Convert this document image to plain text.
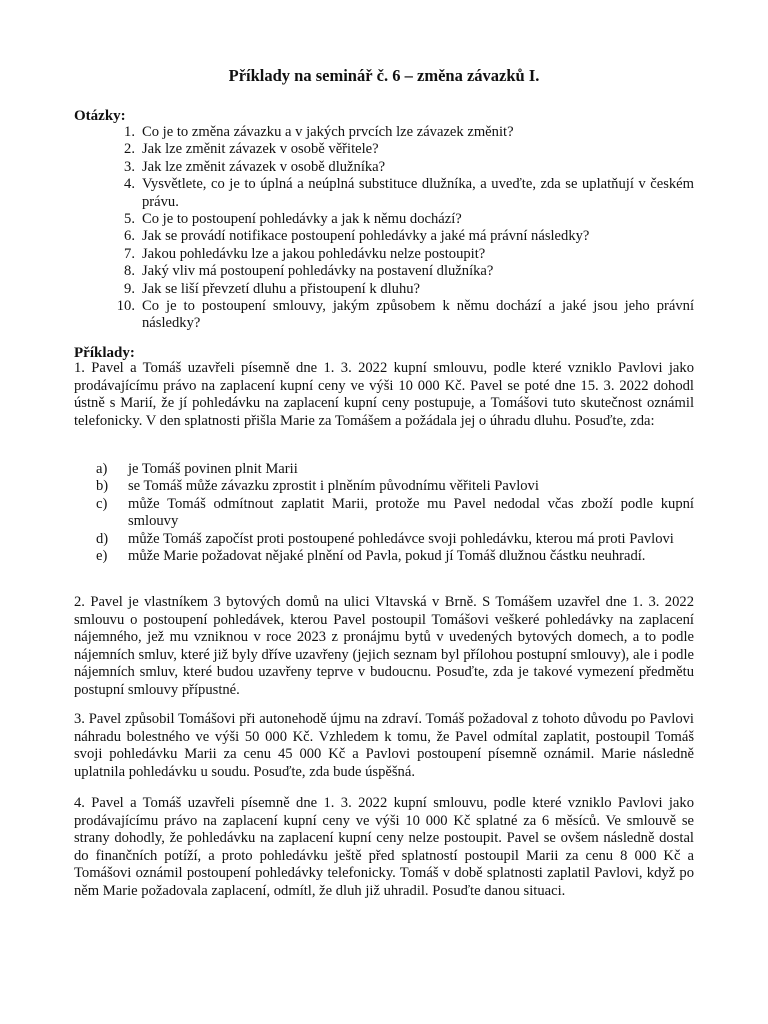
Příklady na seminář č. 6 – změna závazků I.
Otázky:
1. Co je to změna závazku a v jakých prvcích lze závazek změnit?
2. Jak lze změnit závazek v osobě věřitele?
3. Jak lze změnit závazek v osobě dlužníka?
4. Vysvětlete, co je to úplná a neúplná substituce dlužníka, a uveďte, zda se uplatňují v českém právu.
5. Co je to postoupení pohledávky a jak k němu dochází?
6. Jak se provádí notifikace postoupení pohledávky a jaké má právní následky?
7. Jakou pohledávku lze a jakou pohledávku nelze postoupit?
8. Jaký vliv má postoupení pohledávky na postavení dlužníka?
9. Jak se liší převzetí dluhu a přistoupení k dluhu?
10. Co je to postoupení smlouvy, jakým způsobem k němu dochází a jaké jsou jeho právní následky?
Příklady:

1. Pavel a Tomáš uzavřeli písemně dne 1. 3. 2022 kupní smlouvu, podle které vzniklo Pavlovi jako prodávajícímu právo na zaplacení kupní ceny ve výši 10 000 Kč. Pavel se poté dne 15. 3. 2022 dohodl ústně s Marií, že jí pohledávku na zaplacení kupní ceny postupuje, a Tomášovi tuto skutečnost oznámil telefonicky. V den splatnosti přišla Marie za Tomášem a požádala jej o úhradu dluhu. Posuďte, zda:

a)	je Tomáš povinen plnit Marii
b)	se Tomáš může závazku zprostit i plněním původnímu věřiteli Pavlovi
c)	může Tomáš odmítnout zaplatit Marii, protože mu Pavel nedodal včas zboží podle kupní smlouvy
d)	může Tomáš započíst proti postoupené pohledávce svoji pohledávku, kterou má proti Pavlovi
e)	může Marie požadovat nějaké plnění od Pavla, pokud jí Tomáš dlužnou částku neuhradí.

2. Pavel je vlastníkem 3 bytových domů na ulici Vltavská v Brně. S Tomášem uzavřel dne 1. 3. 2022 smlouvu o postoupení pohledávek, kterou Pavel postoupil Tomášovi veškeré pohledávky na zaplacení nájemného, jež mu vzniknou v roce 2023 z pronájmu bytů v uvedených bytových domech, a to podle nájemních smluv, které již byly dříve uzavřeny (jejich seznam byl přílohou postupní smlouvy), ale i podle nájemních smluv, které budou uzavřeny teprve v budoucnu. Posuďte, zda je takové vymezení předmětu postupní smlouvy přípustné.

3. Pavel způsobil Tomášovi při autonehodě újmu na zdraví. Tomáš požadoval z tohoto důvodu po Pavlovi náhradu bolestného ve výši 50 000 Kč. Vzhledem k tomu, že Pavel odmítal zaplatit, postoupil Tomáš svoji pohledávku Marii za cenu 45 000 Kč a Pavlovi postoupení písemně oznámil. Marie následně uplatnila pohledávku u soudu. Posuďte, zda bude úspěšná.

4. Pavel a Tomáš uzavřeli písemně dne 1. 3. 2022 kupní smlouvu, podle které vzniklo Pavlovi jako prodávajícímu právo na zaplacení kupní ceny ve výši 10 000 Kč splatné za 6 měsíců. Ve smlouvě se strany dohodly, že pohledávku na zaplacení kupní ceny nelze postoupit. Pavel se ovšem následně dostal do finančních potíží, a proto pohledávku ještě před splatností postoupil Marii za cenu 8 000 Kč a Tomášovi oznámil postoupení pohledávky telefonicky. Tomáš v době splatnosti zaplatil Pavlovi, když po něm Marie požadovala zaplacení, odmítl, že dluh již uhradil. Posuďte danou situaci.
